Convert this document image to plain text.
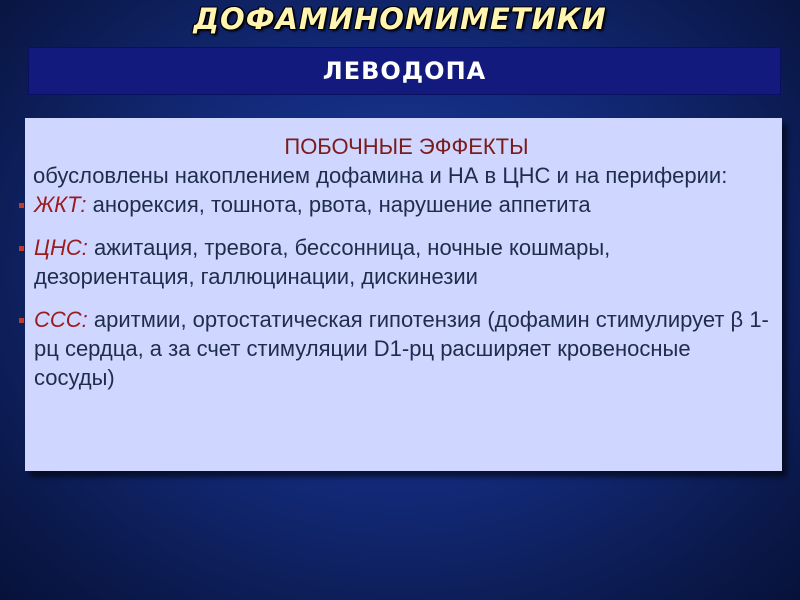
ДОФАМИНОМИМЕТИКИ
ЛЕВОДОПА
ПОБОЧНЫЕ ЭФФЕКТЫ
обусловлены накоплением дофамина и НА в ЦНС и на периферии:
ЖКТ: анорексия, тошнота, рвота, нарушение аппетита
ЦНС: ажитация, тревога, бессонница, ночные кошмары, дезориентация, галлюцинации, дискинезии
ССС: аритмии, ортостатическая гипотензия (дофамин стимулирует β 1-рц сердца, а за счет стимуляции D1-рц расширяет кровеносные сосуды)
